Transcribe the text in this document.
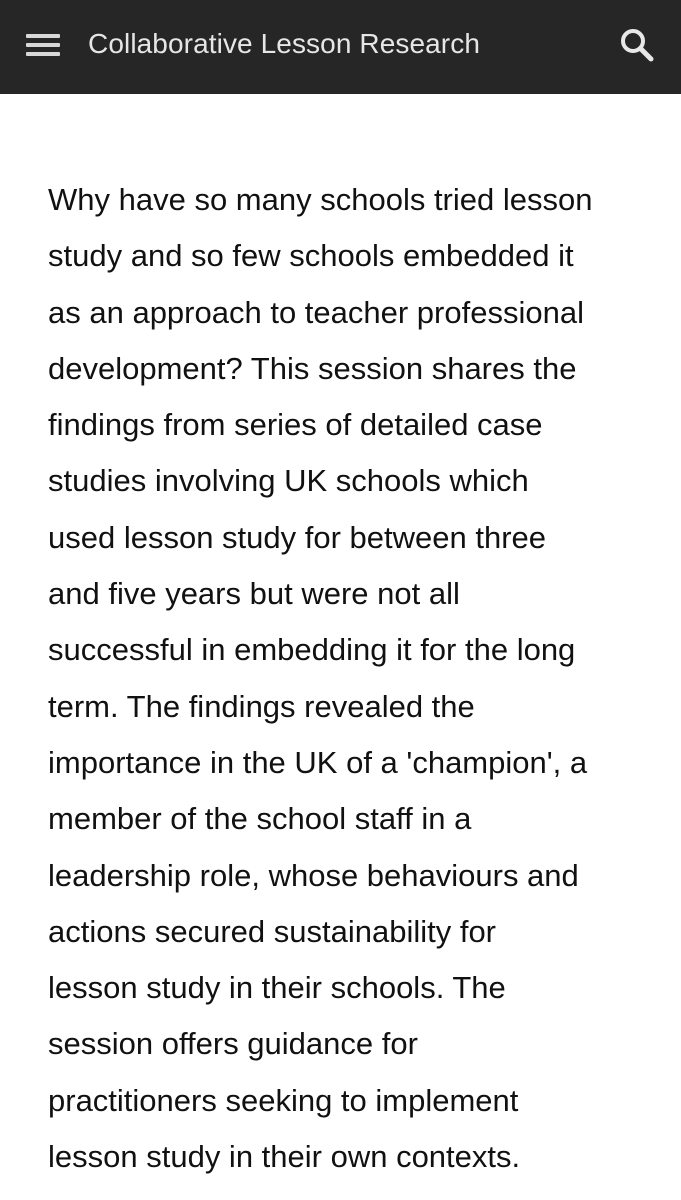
Collaborative Lesson Research

Why have so many schools tried lesson
study and so few schools embedded it
as an approach to teacher professional
development? This session shares the
findings from series of detailed case
studies involving UK schools which
used lesson study for between three
and five years but were not all
successful in embedding it for the long
term. The findings revealed the
importance in the UK of a 'champion', a
member of the school staff in a
leadership role, whose behaviours and
actions secured sustainability for
lesson study in their schools. The
session offers guidance for
practitioners seeking to implement
lesson study in their own contexts.
